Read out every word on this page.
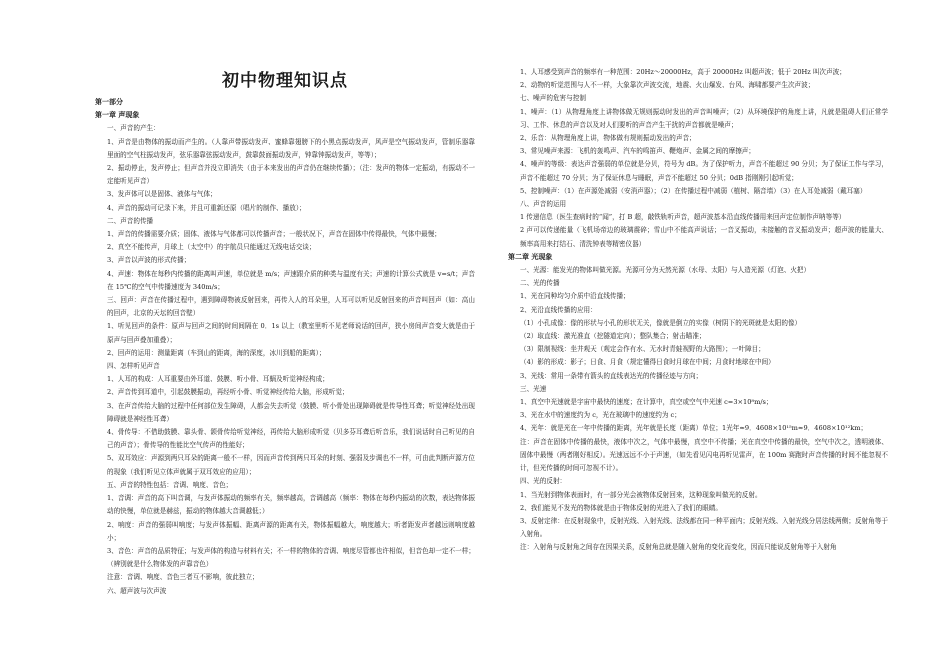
初中物理知识点
第一部分
第一章 声现象
一、声音的产生：
1、声音是由物体的振动而产生的。（人靠声带振动发声、蜜蜂靠翅膀下的小黑点振动发声，风声是空气振动发声，管制乐器靠里面的空气柱振动发声，弦乐器靠弦振动发声，鼓靠鼓面振动发声，钟靠钟振动发声，等等）；
2、振动停止，发声停止；但声音并没立即消失（由于本来发出的声音仍在继续传播）；（注：发声的物体一定振动，有振动不一定能听见声音）
3、发声体可以是固体、液体与气体；
4、声音的振动可记录下来，并且可重新还原（唱片的制作、播放）；
二、声音的传播
1、声音的传播需要介质；固体、液体与气体都可以传播声音；一般状况下，声音在固体中传得最快，气体中最慢；
2、真空不能传声，月球上（太空中）的宇航员只能通过无线电话交谈；
3、声音以声波的形式传播；
4、声速：物体在每秒内传播的距离叫声速，单位就是 m/s；声速跟介质的种类与温度有关；声速的计算公式就是 v=s/t；声音在 15℃的空气中传播速度为 340m/s；
三、回声：声音在传播过程中，遇到障碍物被反射回来，再传入人的耳朵里，人耳可以听见反射回来的声音叫回声（如：高山的回声，北京的天坛的回音壁）
1、听见回声的条件：原声与回声之间的时间间隔在 0．1s 以上（教室里听不见老师说话的回声，狭小房间声音变大就是由于原声与回声叠加重叠）；
2、回声的运用：测量距离（车到山的距离，海的深度，冰川到船的距离）；
四、怎样听见声音
1、人耳的构成：人耳重要由外耳道、鼓膜、听小骨、耳蜗及听觉神经构成；
2、声音传到耳道中，引起鼓膜振动，再经听小骨、听觉神经传给大脑，形成听觉；
3、在声音传给大脑的过程中任何部位发生障碍，人都会失去听觉（鼓膜、听小骨处出现障碍就是传导性耳聋；听觉神经处出现障碍就是神经性耳聋）
4、骨传导：不借助鼓膜、靠头骨、颌骨传给听觉神经，再传给大脑形成听觉（贝多芬耳聋后听音乐，我们说话时自己听见的自己的声音）；骨传导的性能比空气传声的性能好；
5、双耳效应：声源到两只耳朵的距离一般不一样，因而声音传到两只耳朵的时刻、强弱及步调也不一样，可由此判断声源方位的现象（我们听见立体声就属于双耳效应的应用）；
五、声音的特性包括：音调、响度、音色；
1、音调：声音的高下叫音调，与发声体振动的频率有关，频率越高，音调越高（频率：物体在每秒内振动的次数，表达物体振动的快慢，单位就是赫兹，振动的物体越大音调越低；）
2、响度：声音的强弱叫响度；与发声体振幅、距离声源的距离有关，物体振幅越大，响度越大；听者距发声者越远则响度越小；
3、音色：声音的品质特征；与发声体的构造与材料有关；不一样的物体的音调、响度尽管都也许相似，但音色却一定不一样；（辨别就是什么物体发的声靠音色）
注意：音调、响度、音色三者互不影响，彼此独立；
六、超声波与次声波
1、人耳感受到声音的频率有一种范围：20Hz～20000Hz，高于 20000Hz 叫超声波；低于 20Hz 叫次声波；
2、动物的听觉范围与人不一样，大象靠次声波交流，地震、火山爆发、台风、海啸都要产生次声波；
七、噪声的危害与控制
1、噪声：（1）从物理角度上讲物体做无规则振动时发出的声音叫噪声；（2）从环境保护的角度上讲，凡就是阻碍人们正常学习、工作、休息的声音以及对人们要听的声音产生干扰的声音都就是噪声；
2、乐音：从物理角度上讲，物体做有规则振动发出的声音；
3、常见噪声来源：飞机的轰鸣声、汽车的鸣笛声、鞭炮声、金属之间的摩擦声；
4、噪声的等级：表达声音强弱的单位就是分贝，符号为 dB。为了保护听力，声音不能超过 90 分贝；为了保证工作与学习，声音不能超过 70 分贝；为了保证休息与睡眠，声音不能超过 50 分贝；0dB 指刚刚引起听觉；
5、控制噪声：（1）在声源处减弱（安消声器）；（2）在传播过程中减弱（植树、隔音墙）（3）在人耳处减弱（戴耳塞）
八、声音的运用
1 传递信息（医生查病时的“闻”，打 B 超，敲铁轨听声音，超声波基本沿直线传播用来回声定位制作声呐等等）
2 声可以传递能量（飞机场帝边的玻璃震碎；雪山中不能高声说话；一音叉振动，未接触的音叉振动发声；超声波的能量大、频率高用来打结石、清洗钟表等精密仪器）
第二章 光现象
一、光源：能发光的物体叫做光源。光源可分为天然光源（水母、太阳）与人造光源（灯泡、火把）
二、光的传播
1、光在同种均匀介质中沿直线传播；
2、光沿直线传播的应用：
（1）小孔成像：像的形状与小孔的形状无关，像就是倒立的实像（树阴下的光斑就是太阳的像）
（2）取直线：激光准直（挖隧道定向）；整队集合；射击瞄准；
（3）限制视线：坐井观天（观定会作有水、无水时青蛙视野的大路图）；一叶障目；
（4）影的形成：影子；日食、月食（规定懂得日食时月球在中间；月食时地球在中间）
3、光线：常用一条带有箭头的直线表达光的传播径迹与方向；
三、光速
1、真空中光速就是宇宙中最快的速度；在计算中，真空或空气中光速 c=3×10⁸m/s；
3、光在水中的速度约为 c，光在玻璃中的速度约为 c；
4、光年：就是光在一年中传播的距离，光年就是长度（距离）单位；1光年≈9．4608×10¹⁵m≈9．4608×10¹²km；
注：声音在固体中传播的最快，液体中次之，气体中最慢，真空中不传播；光在真空中传播的最快，空气中次之，透明液体、固体中最慢（两者刚好相反）。光速远远不小于声速，（如先看见闪电再听见雷声，在 100m 赛跑时声音传播的时间不能忽视不计，但光传播的时间可忽视不计）。
四、光的反射：
1、当光射到物体表面时，有一部分光会被物体反射回来，这种现象叫做光的反射。
2、我们能见不发光的物体就是由于物体反射的光进入了我们的眼睛。
3、反射定律：在反射现象中，反射光线、入射光线、法线都在同一种平面内；反射光线、入射光线分居法线两侧；反射角等于入射角。
注：入射角与反射角之间存在因果关系，反射角总就是随入射角的变化而变化，因而只能说反射角等于入射角
